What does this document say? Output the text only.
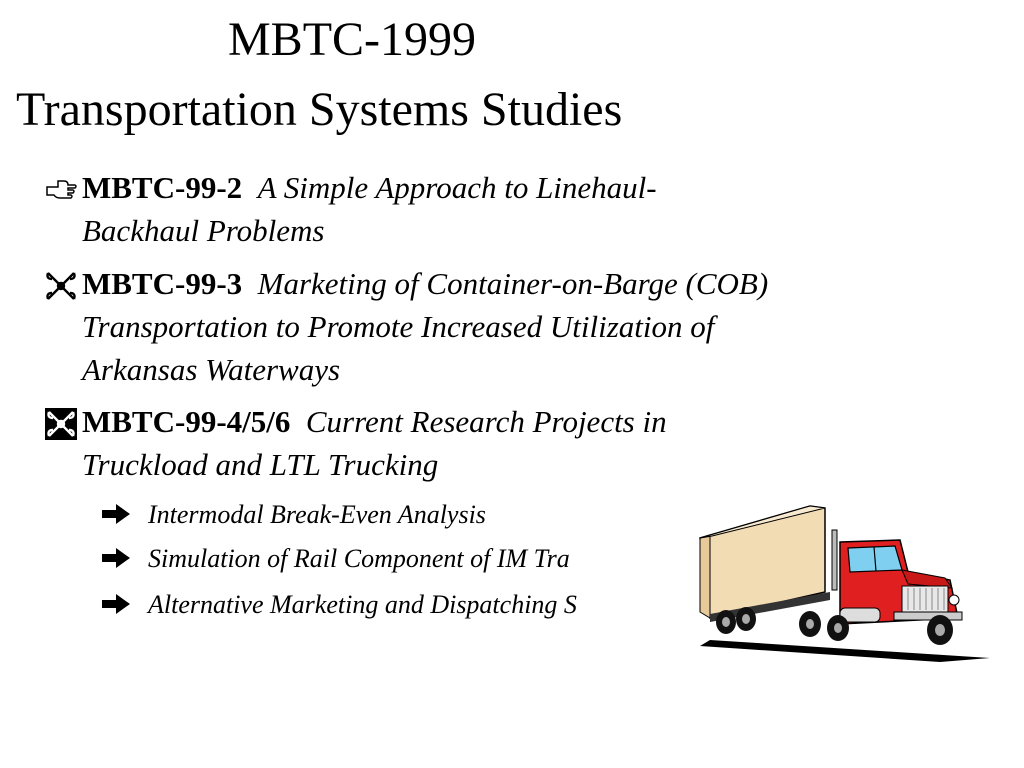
MBTC-1999
Transportation Systems Studies
MBTC-99-2 A Simple Approach to Linehaul-
Backhaul Problems
MBTC-99-3 Marketing of Container-on-Barge (COB)
Transportation to Promote Increased Utilization of
Arkansas Waterways
MBTC-99-4/5/6 Current Research Projects in
Truckload and LTL Trucking
Intermodal Break-Even Analysis
Simulation of Rail Component of IM Tra
Alternative Marketing and Dispatching S
